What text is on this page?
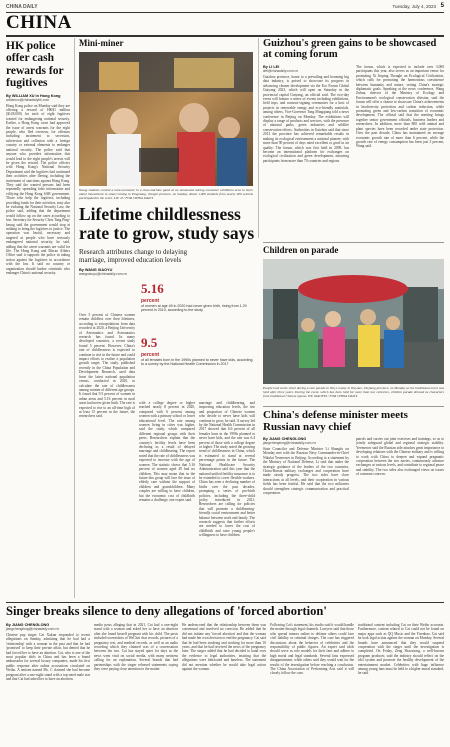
CHINA DAILY	Tuesday, July 4, 2023 5
CHINA
HK police offer cash rewards for fugitives
By WILLIAM XU in Hong Kong
williamxu@chinadailyhk.com
Hong Kong police on Monday said they are offering a reward of HK$1 million ($128,000) for each of eight fugitives wanted for endangering national security. Earlier, a Hong Kong court had approved the issue of arrest warrants for the eight people, who fled overseas, for offenses including incitement to secession, subversion and collusion with a foreign country or external elements to endanger national security. The police said that anyone who provides information that would lead to the eight people's arrests will be given the reward. The police officers with Hong Kong's National Security Department said the fugitives had continued their activities after fleeing, including the incitement of sanctions against Hong Kong. They said the wanted persons had been repeatedly spreading false information and vilifying the Hong Kong SAR government. Those who help the fugitives, including providing funds for their activities, may also be violating the National Security Law, the police said, adding that the department would follow up on the cases according to law. Secretary for Security Chris Tang Ping-keung said the government would stop at nothing to bring the fugitives to justice. The operation was lawful, necessary and targeted at people who have seriously endangered national security, he said, adding that the arrest warrants are valid for life. The Hong Kong and Macao Affairs Office said it supports the police in taking action against the fugitives in accordance with the law. It said no country or organization should harbor criminals who endanger China's national security.
Mini-miner
Young students control a mini-excavator in a claw-machine game at an unmanned mining excavator exhibition area to learn about innovations in smart mining in Pingxiang, Jiangxi province, on Sunday. About 1,000 students from nearly 400 schools participated in the event. LIU JI / FOR CHINA DAILY
Guizhou's green gains to be showcased at coming forum
By LI LEI
lilei@chinadaily.com.cn
Guizhou province, home to a prevailing and booming big data industry, is poised to showcase its progress in advancing cleaner development via the Eco Forum Global Guiyang 2023, which will open on Saturday in the provincial capital Guiyang, an official said. The two-day event will feature a series of events including exhibitions, field trips, and contract-signing ceremonies for a host of projects in renewable energy and eco-friendly materials, among others, Vice-Governor Tang Mingqiang told a news conference in Beijing on Monday. The exhibitions will display a range of products and services, with the presence of national parks, green industries and wildlife conservation efforts. Authorities in Guizhou said that since 2013 the province has achieved remarkable results in making its ecological environment a national pioneer, with more than 90 percent of days rated excellent or good in air quality. The forum, which was first held in 2009, has become an international platform for exchanges on ecological civilization and green development, attracting participants from more than 70 countries and regions.
The forum, which is expected to include over 3,000 participants this year, also serves as an important venue for promoting Xi Jinping Thought on Ecological Civilization, which calls for promoting the harmonious coexistence between humanity and nature, setting China's strategic diplomatic goals. Speaking at the news conference, Wang Zuhua, director of the Ministry of Ecology and Environment's ecological conservation division, said the forum will offer a chance to showcase China's achievements in biodiversity protection and carbon reduction, while promoting green and low-carbon transition of economic development. The official said that the meeting brings together senior government officials, business leaders and researchers. In addition, more than 800 wild animal and plant species have been recorded under state protection. Over the past decade, China has maintained an average economic growth rate of more than 6 percent, while the growth rate of energy consumption has been just 3 percent, Wang said.
Lifetime childlessness rate to grow, study says
Research attributes change to delaying marriage, improved education levels
By WANG XIAOYU
wangxiaoyu@chinadaily.com.cn
Over 5 percent of Chinese women remain childless over their lifetimes, according to extrapolations from data recorded in 2020, a Beijing University of Aeronautics and Astronautics research has found. In many developed countries, a recent study found 5 percent. However, China's rate of childlessness is expected to continue to rise in the future and could impact efforts to realize a population growth target. The study, published recently in the China Population and Development Research, used data from the latest national population census, conducted in 2020, to calculate the rate of childlessness among women of different age groups. It found that 9.5 percent of women in urban areas and 5.16 percent in rural areas had never given birth. The rate is expected to rise to an all-time high of at least 15 percent in the future, the researchers said.
with a college degree or higher reached nearly 8 percent in 2020, compared with 6 percent among women with a primary school or lower educational level. The rate among women living in cities was higher, said the study, which compared different regional groups with their peers. Researchers explain that the country's fertility levels have been declining as a result of delayed marriage and childbearing. The report noted that the rate of childlessness was expected to increase with the age of women. The statistic shows that 5.16 percent of women aged 49 had no children. This may mean that in the future this group will face the issue of elderly care without the support of children and grandchildren. Many couples are willing to have children, but the economic cost of childbirth remains a challenge, one expert said.
marriage and childbearing, and improving education levels, the rise and proportion of Chinese women who decide to never have kids will continue to grow, he said. A survey led by the National Health Commission in 2017 showed that 6.6 percent of all females born in the 1990s planned to never have kids, and the rate was 6.4 percent of those with a college degree or higher. The study noted the growing trend of childlessness in China, which is estimated to stand at several percentage points in the future. The National Healthcare Security Administration said this year that the national unified fertility insurance is to be extended to cover flexible workers. China has seen a declining number of births over the past decades, prompting a series of pro-birth policies, including the three-child policy introduced in 2021. Researchers are calling for policies that will promote a childbearing-friendly social environment and better balance between work and family. The research suggests that further efforts are needed to lower the cost of childbirth and raise young people's willingness to have children.
5.16
percent
of women at age 49 in 2020 had never given birth, rising from 1.29 percent in 2010, according to the study
9.5
percent
of all females born in the 1990s planned to never have kids, according to a survey by the National Health Commission in 2017
Children on parade
People look at the street during a rain parade in Wuyi county in Wuyuan, Zhejiang province, on Monday as the traditional event was held after three years. During the event, which has been held for more than two centuries, children parade dressed as characters from traditional Chinese operas. HU XIAOFEI / FOR CHINA DAILY
China's defense minister meets Russian navy chief
By JIANG CHENGLONG
jiangchenglong@chinadaily.com.cn
State Councilor and Defense Minister Li Shangfu on Monday met with the Russian Navy Commander-in-Chief Nikolai Yevmenov in Beijing. According to a statement by the Ministry of National Defense, Li said that under the strategic guidance of the leaders of the two countries, China-Russia military exchanges and cooperation have made steady progress. The two sides have close interactions at all levels, and their cooperation in various fields has been fruitful. He said that the two militaries should strengthen strategic communication and practical cooperation.
patrols and carries out joint exercises and trainings, so as to jointly safeguard global and regional strategic stability. Yevmenov said the Russian side attaches great importance to developing relations with the Chinese military and is willing to work with China to deepen and expand pragmatic cooperation between the two navies, continuously advance exchanges at various levels, and contribute to regional peace and stability. The two sides also exchanged views on issues of common concern.
Singer breaks silence to deny allegations of 'forced abortion'
By JIANG CHENGLONG
jiangchenglong@chinadaily.com.cn
Chinese pop singer Cai Xukun responded to recent allegations on Sunday, admitting that he had had a 'relationship' with a woman in the past and that he had 'promised' to keep their private affair, but denied that he had forced her to have an abortion. Cai, who is one of the most popular idols in China and has been a brand ambassador for several luxury companies, made his first public response after online accusations circulated on Weibo. A netizen named Ms. C claimed she had become pregnant after a one-night stand with a top-rated male star and that Cai had asked her to have an abortion.
media posts alleging that in 2021, Cai had a one-night stand with a woman and asked her to have an abortion after she found herself pregnant with his child. The posts included screenshots of WeChat chat records, pictures of a pregnancy test, and medical records, as well as an audio recording which they claimed was of a conversation between the two. Cai has stayed quiet for days as the news went viral on social media, with many netizens calling for an explanation. Several brands that had partnerships with the singer released statements saying they were paying close attention to the matter.
He underscored that the relationship between them was consensual and involved no coercion. He added that he did not initiate any 'forced abortion' and that the woman had made her own decision to end the pregnancy. Cai said that he had been studying and working for more than 10 years, and that he had received the news of the pregnancy later. The singer added that he had decided to hand over the evidence to legal authorities, insisting that the allegations were fabricated and baseless. The statement did not mention whether he would take legal action against the woman.
Following Cai's statement, his studio said it would handle the matter through legal channels. Lawyers said that those who spread rumors online to defame others could face civil liability or criminal charges. The case has triggered discussions about the behavior of celebrities and the responsibility of public figures. An expert said idols should serve as role models for their fans and adhere to high moral and legal standards. Several fans expressed disappointment, while others said they would wait for the results of the investigation before reaching a conclusion. The China Association of Performing Arts said it will closely follow the case.
traditional content including Cai on their Weibo accounts. Furthermore, content related to Cai could not be found on major apps such as QQ Music and the Yirenbao. Cai said he took legal action against the woman on Monday. Several brands have announced that they would suspend cooperation with the singer until the investigation is completed. On Friday, Zeng Shaoxiong, a well-known program producer, said the industry should reflect on the idol system and promote the healthy development of the entertainment market. Celebrities with huge influence among young fans must be held to a higher moral standard, he said.
